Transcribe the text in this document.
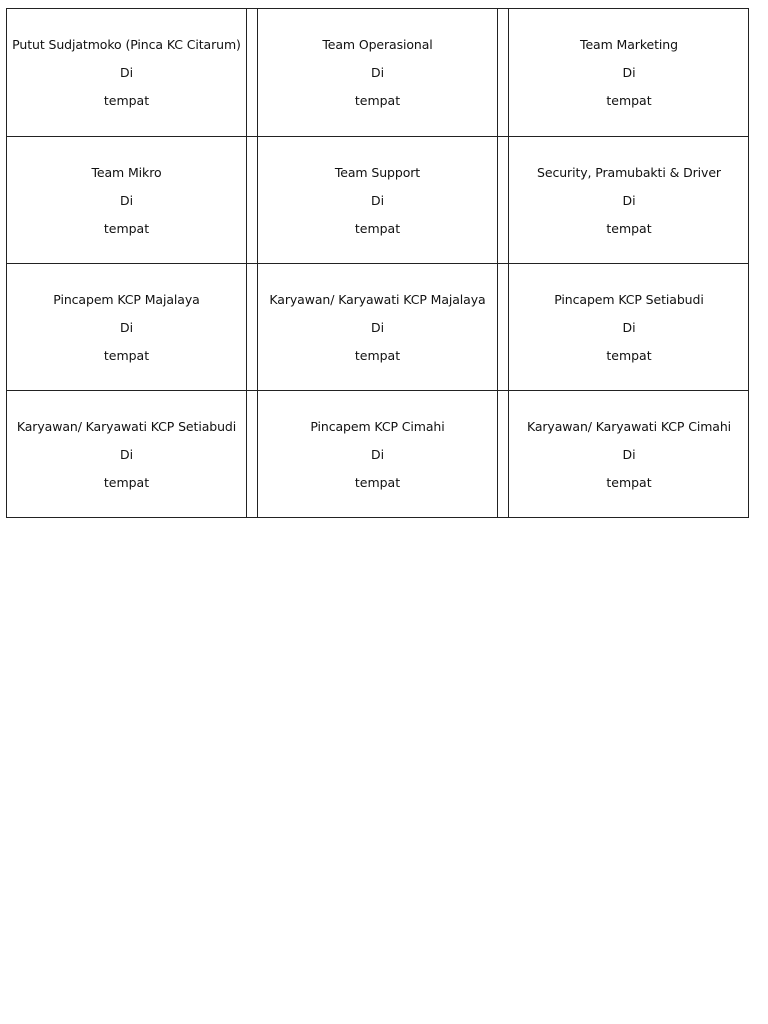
Putut Sudjatmoko (Pinca KC Citarum)
Di
tempat
Team Operasional
Di
tempat
Team Marketing
Di
tempat
Team Mikro
Di
tempat
Team Support
Di
tempat
Security, Pramubakti & Driver
Di
tempat
Pincapem KCP Majalaya
Di
tempat
Karyawan/ Karyawati KCP Majalaya
Di
tempat
Pincapem KCP Setiabudi
Di
tempat
Karyawan/ Karyawati KCP Setiabudi
Di
tempat
Pincapem KCP Cimahi
Di
tempat
Karyawan/ Karyawati KCP Cimahi
Di
tempat
